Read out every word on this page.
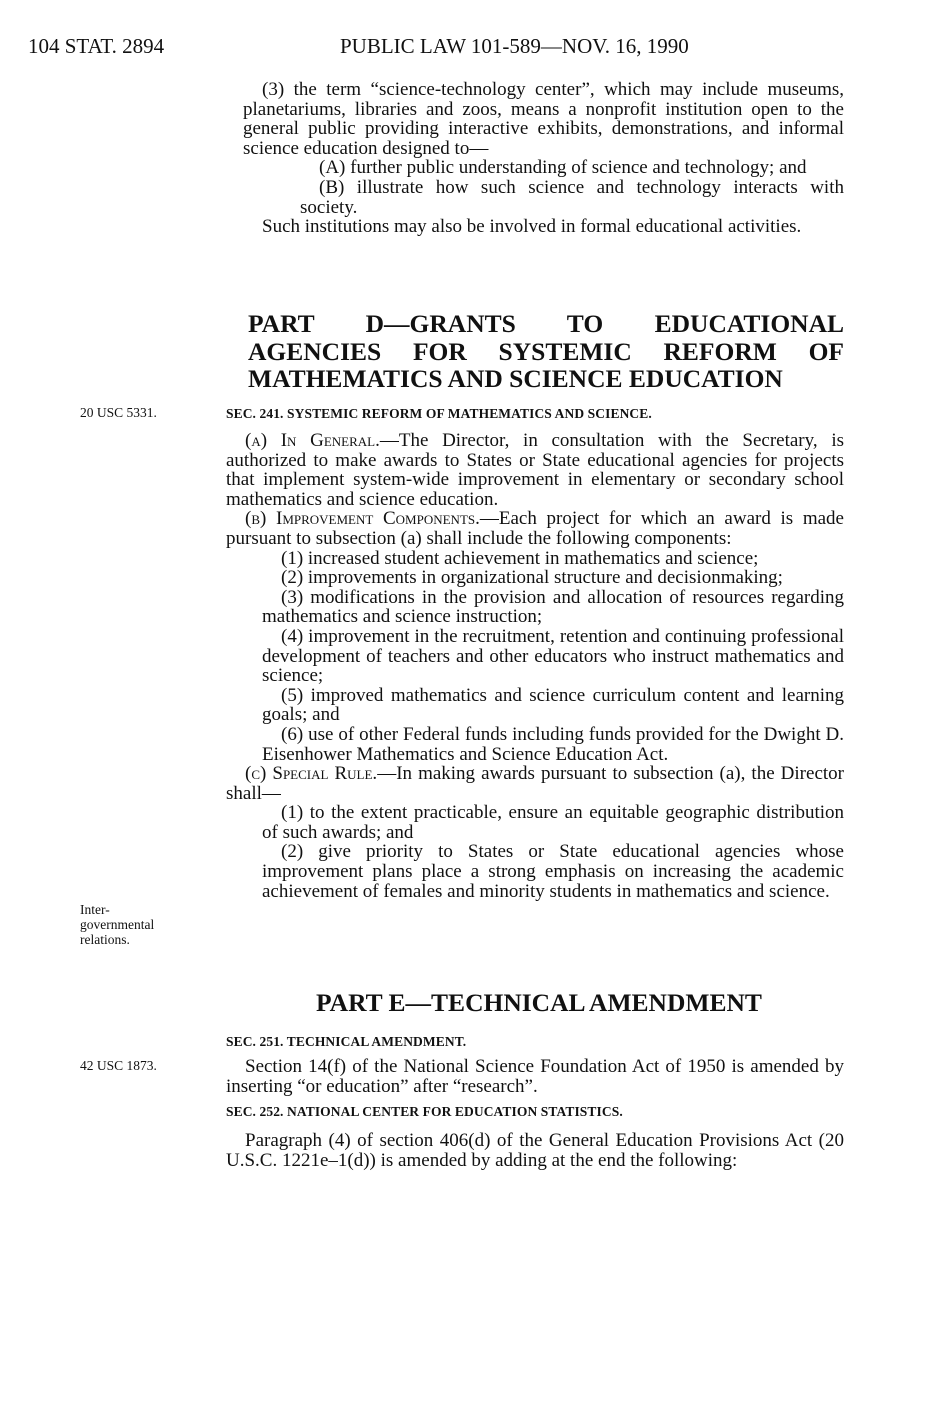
104 STAT. 2894	PUBLIC LAW 101-589—NOV. 16, 1990

(3) the term “science-technology center”, which may include museums, planetariums, libraries and zoos, means a nonprofit institution open to the general public providing interactive exhibits, demonstrations, and informal science education designed to—

(A) further public understanding of science and technology; and

(B) illustrate how such science and technology interacts with society.

Such institutions may also be involved in formal educational activities.

PART D—GRANTS TO EDUCATIONAL AGENCIES FOR SYSTEMIC REFORM OF MATHEMATICS AND SCIENCE EDUCATION
20 USC 5331.	SEC. 241. SYSTEMIC REFORM OF MATHEMATICS AND SCIENCE.

(a) In General.—The Director, in consultation with the Secretary, is authorized to make awards to States or State educational agencies for projects that implement system-wide improvement in elementary or secondary school mathematics and science education.

(b) Improvement Components.—Each project for which an award is made pursuant to subsection (a) shall include the following components:

(1) increased student achievement in mathematics and science;

(2) improvements in organizational structure and decisionmaking;

(3) modifications in the provision and allocation of resources regarding mathematics and science instruction;

(4) improvement in the recruitment, retention and continuing professional development of teachers and other educators who instruct mathematics and science;

(5) improved mathematics and science curriculum content and learning goals; and

(6) use of other Federal funds including funds provided for the Dwight D. Eisenhower Mathematics and Science Education Act.

(c) Special Rule.—In making awards pursuant to subsection (a), the Director shall—

(1) to the extent practicable, ensure an equitable geographic distribution of such awards; and

(2) give priority to States or State educational agencies whose improvement plans place a strong emphasis on increasing the academic achievement of females and minority students in mathematics and science.

Inter-
governmental
relations.
PART E—TECHNICAL AMENDMENT
SEC. 251. TECHNICAL AMENDMENT.
42 USC 1873.	Section 14(f) of the National Science Foundation Act of 1950 is amended by inserting “or education” after “research”.

SEC. 252. NATIONAL CENTER FOR EDUCATION STATISTICS.

Paragraph (4) of section 406(d) of the General Education Provisions Act (20 U.S.C. 1221e–1(d)) is amended by adding at the end the following:
